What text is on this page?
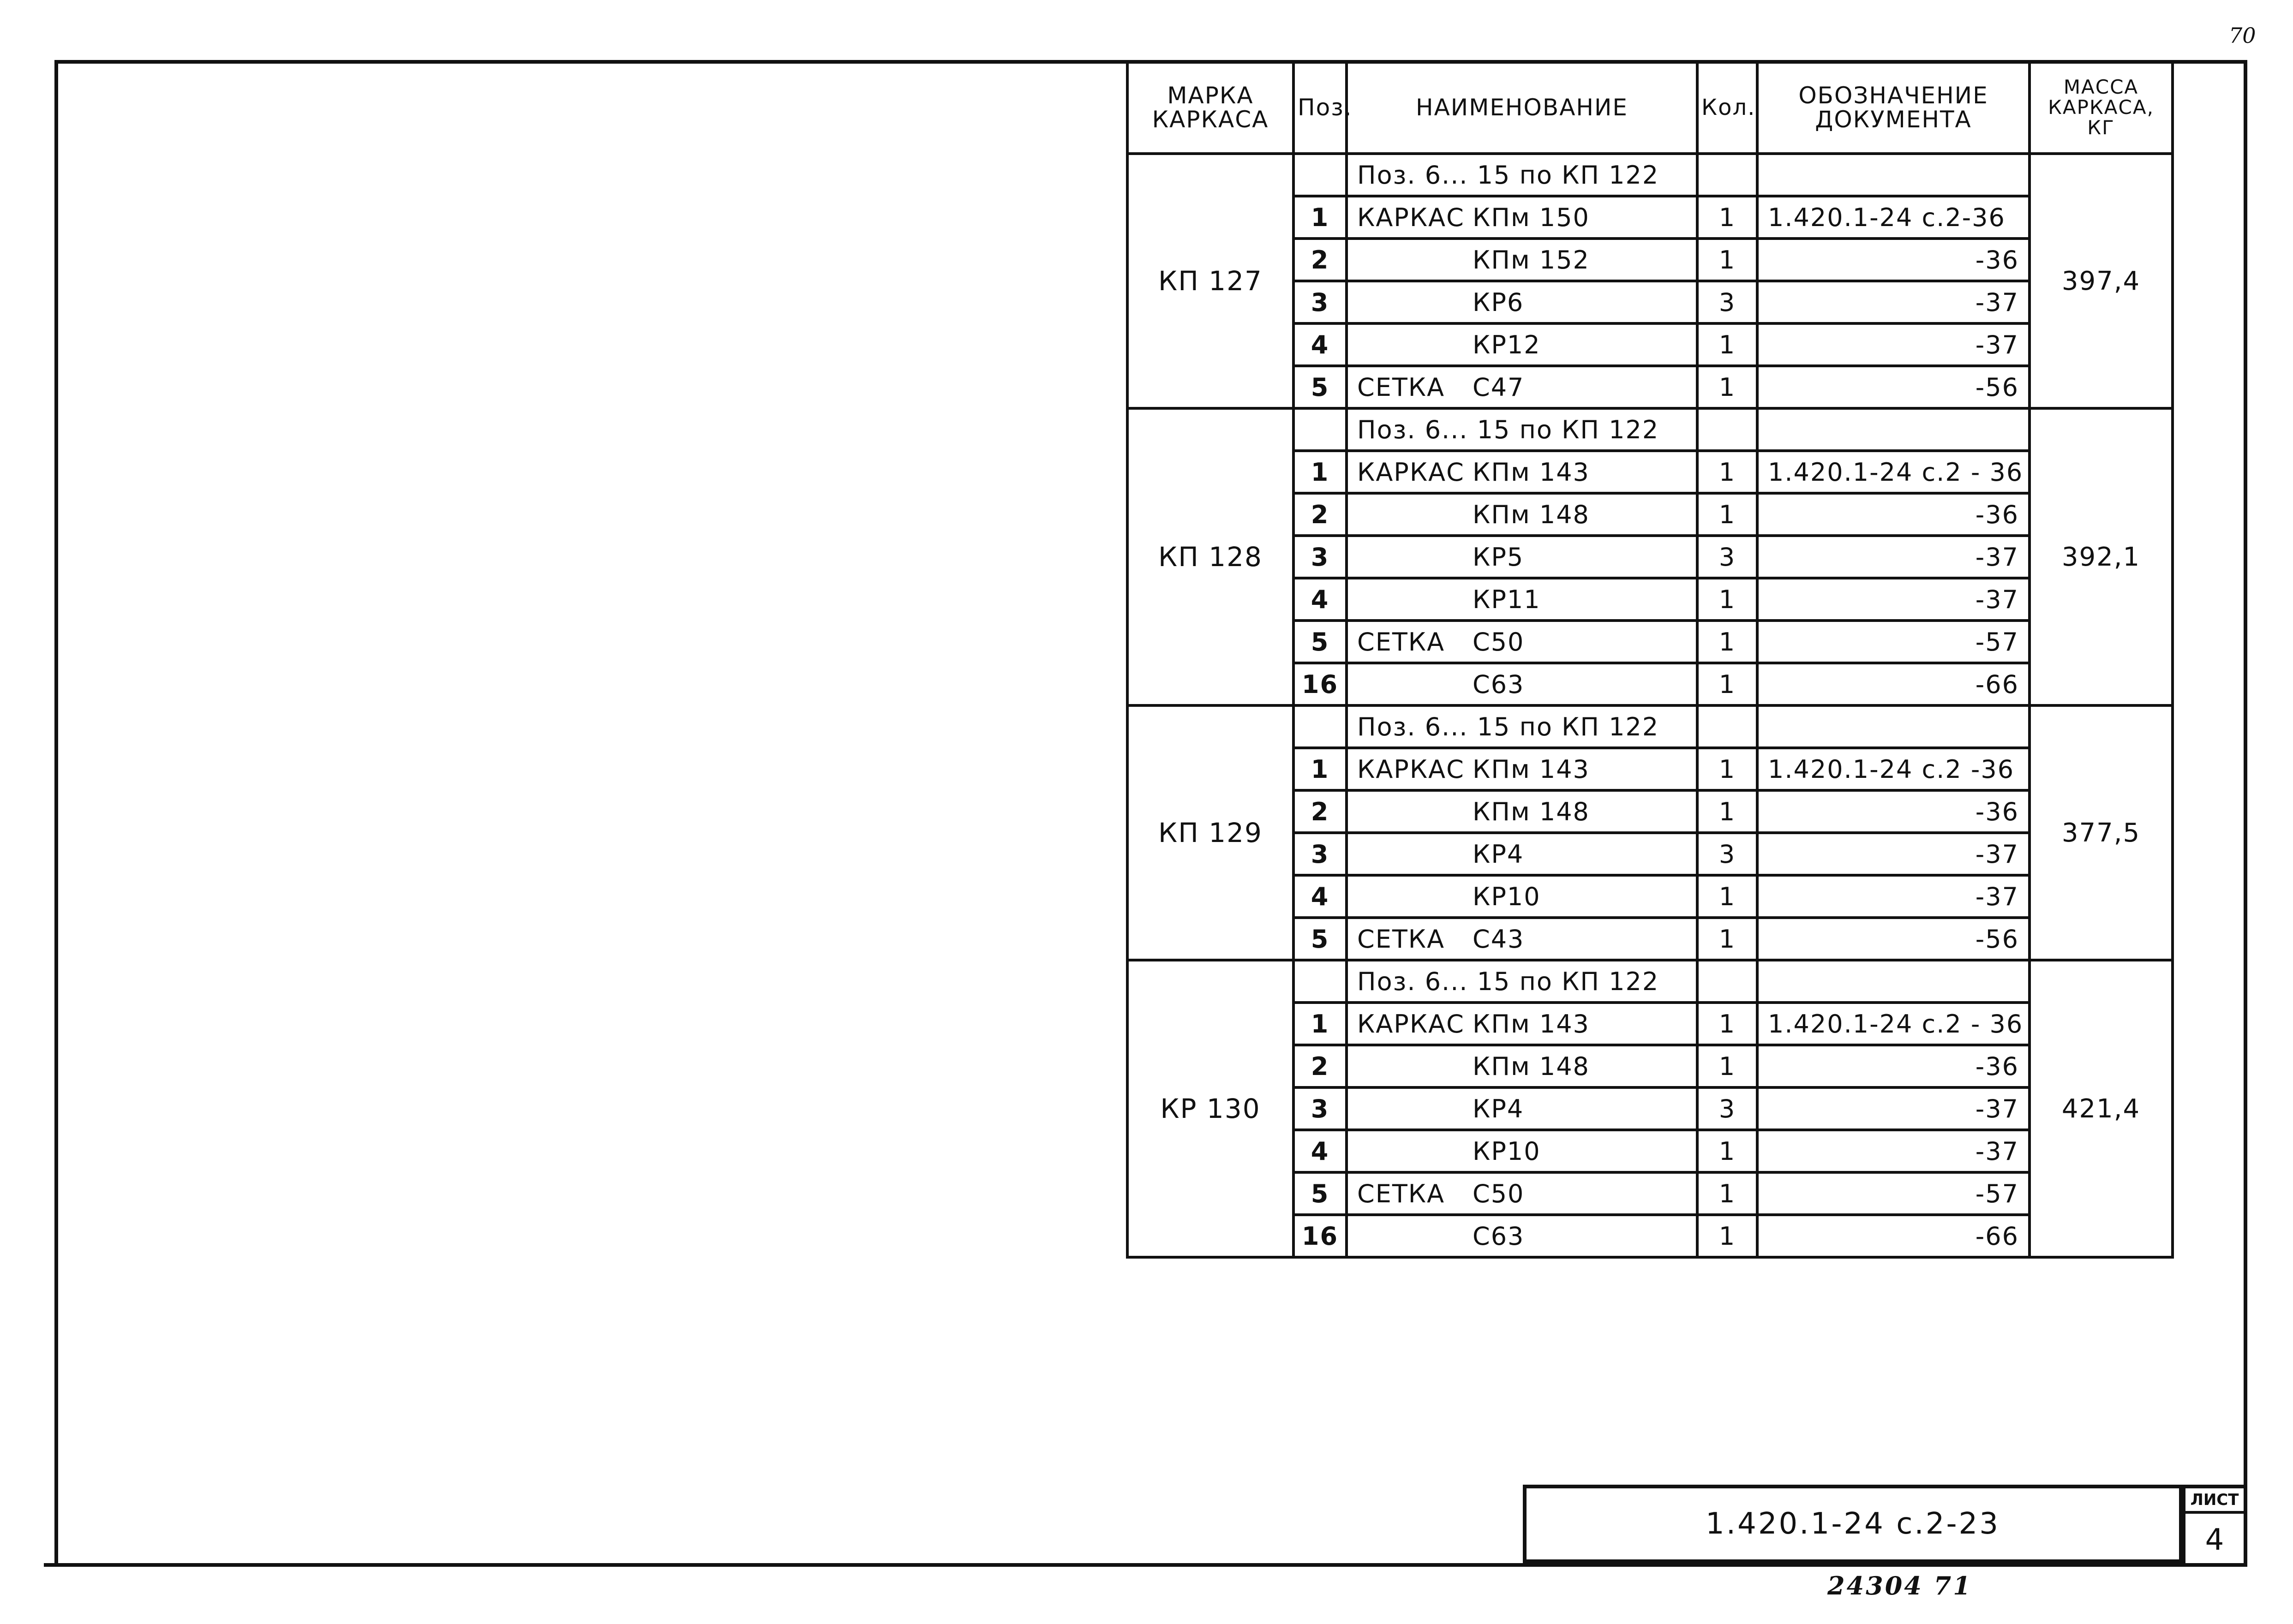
70
МАРКА КАРКАСА	Поз.	НАИМЕНОВАНИЕ	Кол.	ОБОЗНАЧЕНИЕ ДОКУМЕНТА	МАССА КАРКАСА, КГ
КП 127		Поз. 6... 15 по КП 122			397,4
	1	КАРКАС КПм 150	1	1.420.1-24 с.2-36	
	2	КПм 152	1	-36	
	3	КР6	3	-37	
	4	КР12	1	-37	
	5	СЕТКА С47	1	-56	
КП 128		Поз. 6... 15 по КП 122			392,1
	1	КАРКАС КПм 143	1	1.420.1-24 с.2 - 36	
	2	КПм 148	1	-36	
	3	КР5	3	-37	
	4	КР11	1	-37	
	5	СЕТКА С50	1	-57	
	16	С63	1	-66	
КП 129		Поз. 6... 15 по КП 122			377,5
	1	КАРКАС КПм 143	1	1.420.1-24 с.2 -36	
	2	КПм 148	1	-36	
	3	КР4	3	-37	
	4	КР10	1	-37	
	5	СЕТКА С43	1	-56	
КР 130		Поз. 6... 15 по КП 122			421,4
	1	КАРКАС КПм 143	1	1.420.1-24 с.2 - 36	
	2	КПм 148	1	-36	
	3	КР4	3	-37	
	4	КР10	1	-37	
	5	СЕТКА С50	1	-57	
	16	С63	1	-66	
1.420.1-24 с.2-23
ЛИСТ
4
24304 71
